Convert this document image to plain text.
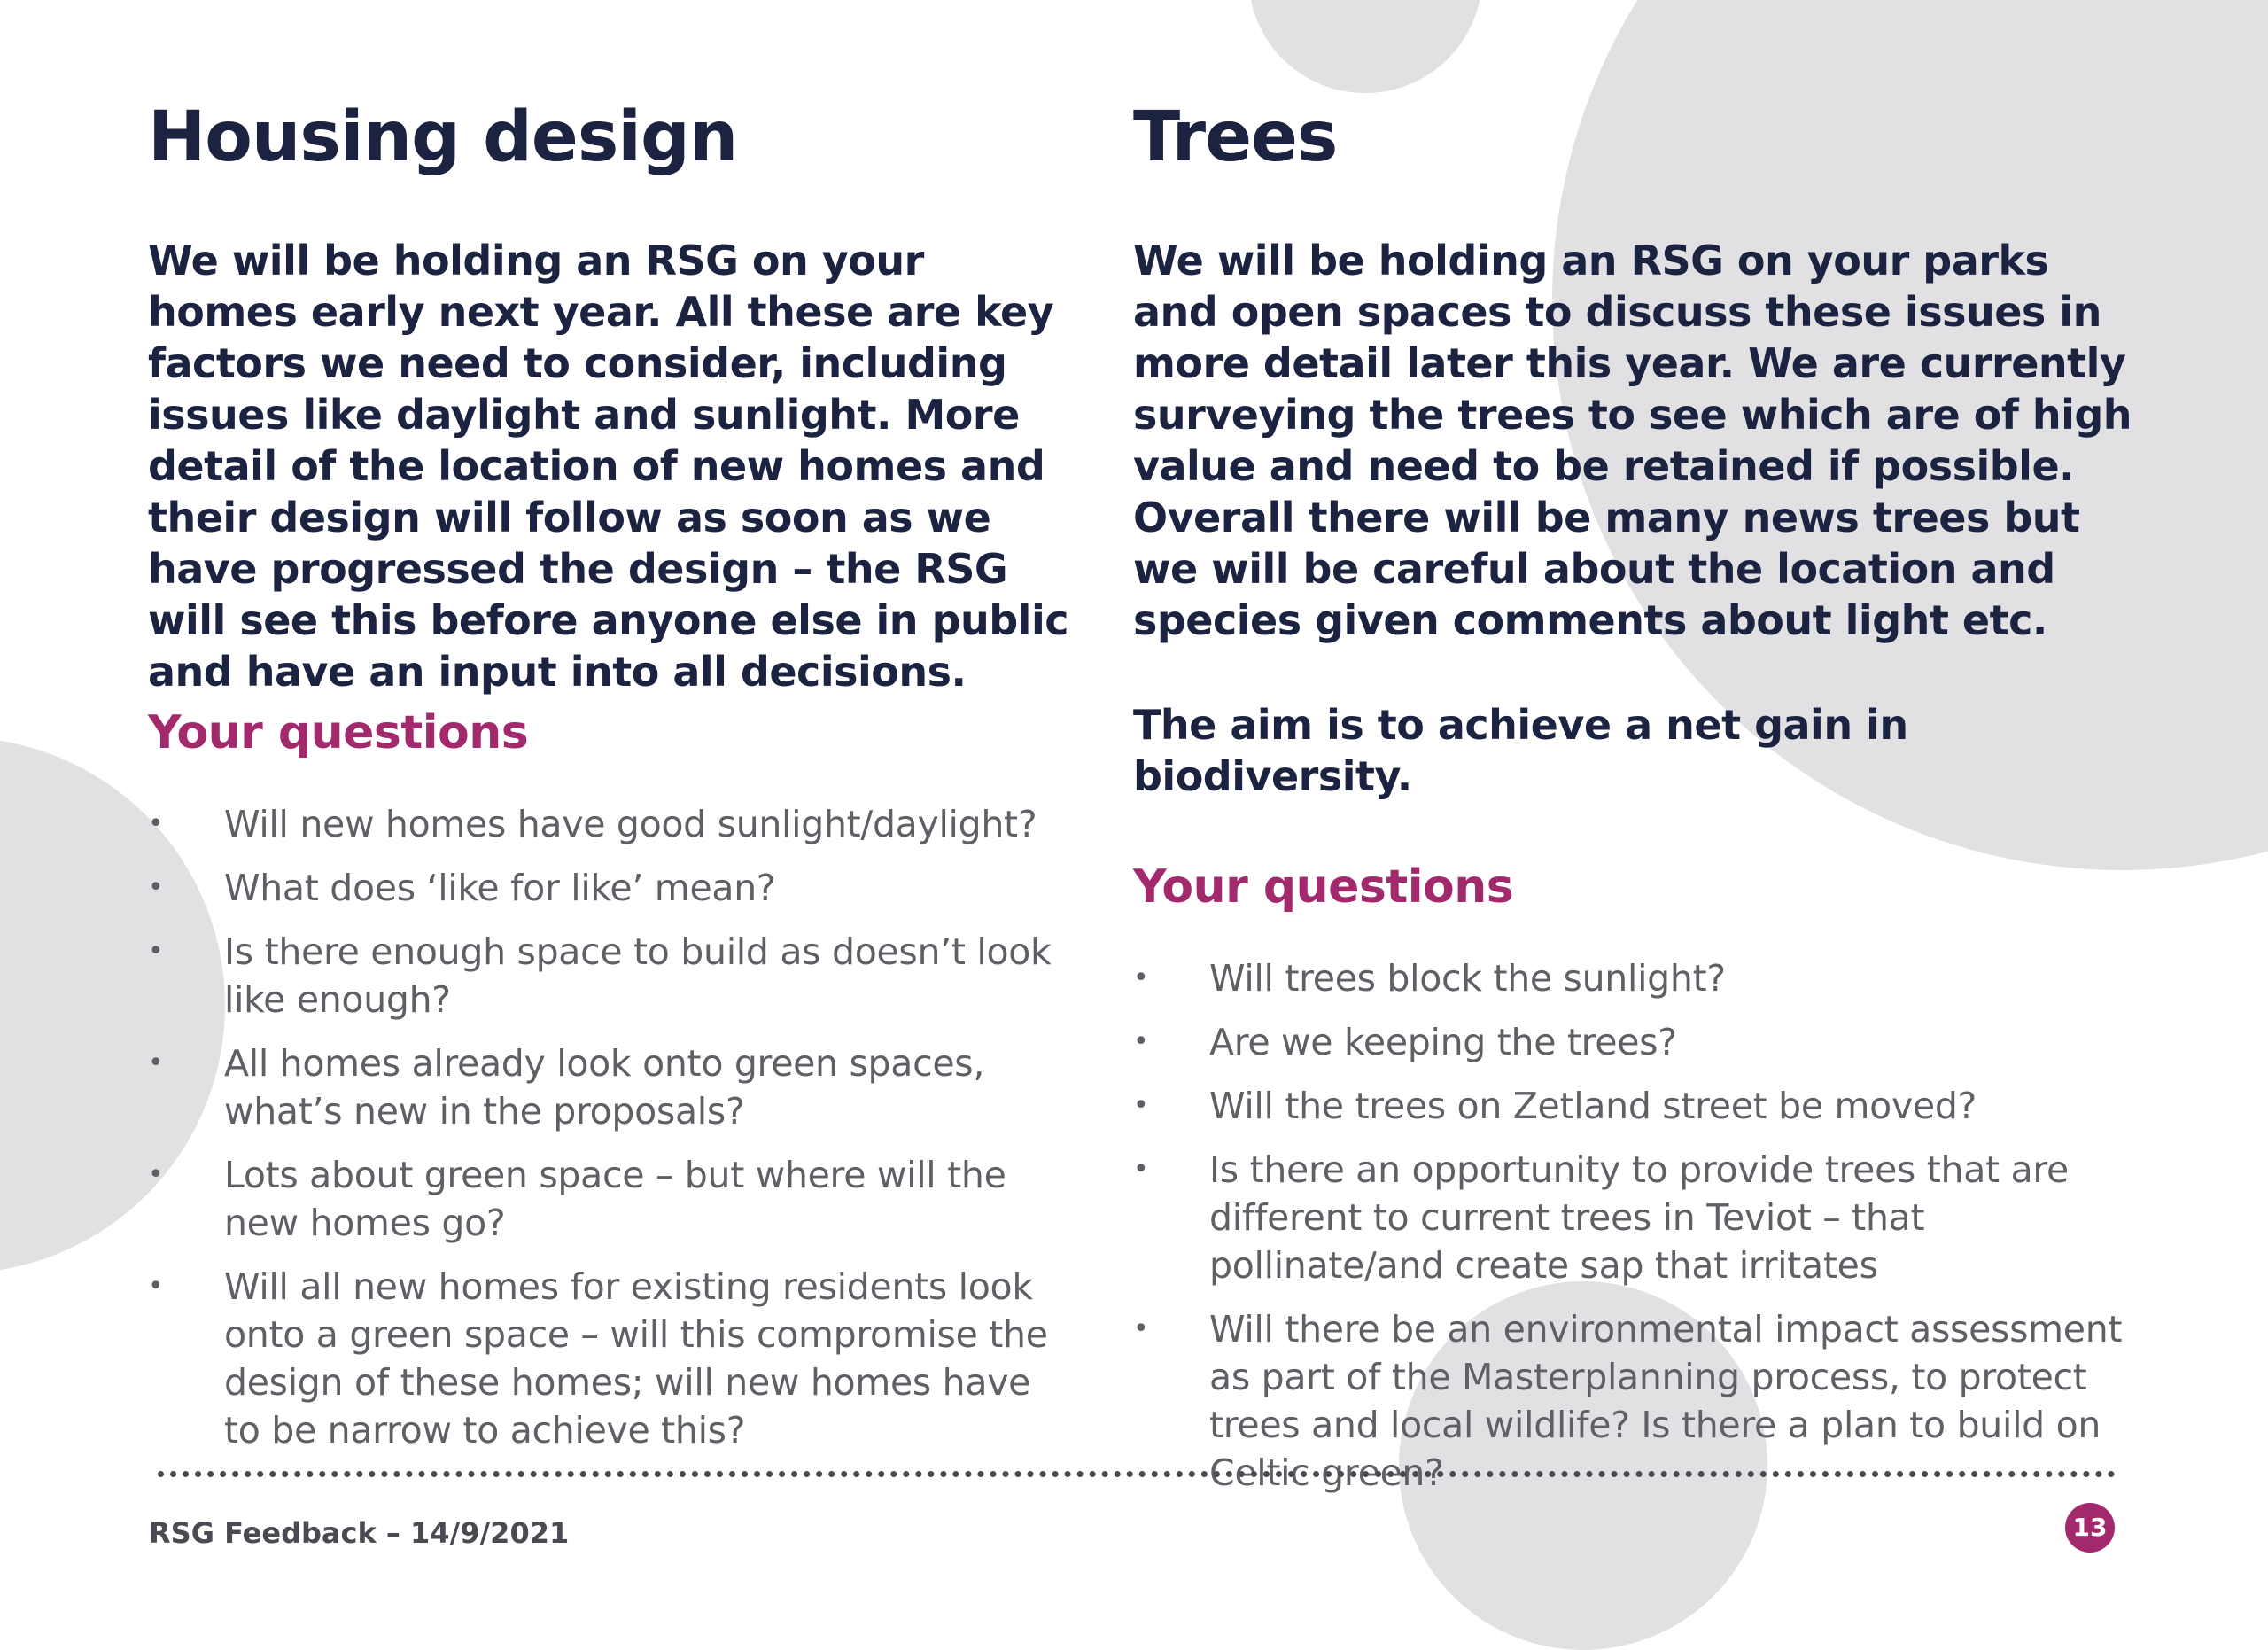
Housing design

We will be holding an RSG on your homes early next year. All these are key factors we need to consider, including issues like daylight and sunlight. More detail of the location of new homes and their design will follow as soon as we have progressed the design – the RSG will see this before anyone else in public and have an input into all decisions.

Your questions
• Will new homes have good sunlight/daylight?
• What does ‘like for like’ mean?
• Is there enough space to build as doesn’t look like enough?
• All homes already look onto green spaces, what’s new in the proposals?
• Lots about green space – but where will the new homes go?
• Will all new homes for existing residents look onto a green space – will this compromise the design of these homes; will new homes have to be narrow to achieve this?
Trees

We will be holding an RSG on your parks and open spaces to discuss these issues in more detail later this year. We are currently surveying the trees to see which are of high value and need to be retained if possible. Overall there will be many news trees but we will be careful about the location and species given comments about light etc.

The aim is to achieve a net gain in biodiversity.

Your questions
• Will trees block the sunlight?
• Are we keeping the trees?
• Will the trees on Zetland street be moved?
• Is there an opportunity to provide trees that are different to current trees in Teviot – that pollinate/and create sap that irritates
• Will there be an environmental impact assessment as part of the Masterplanning process, to protect trees and local wildlife? Is there a plan to build on Celtic green?
RSG Feedback – 14/9/2021	13
